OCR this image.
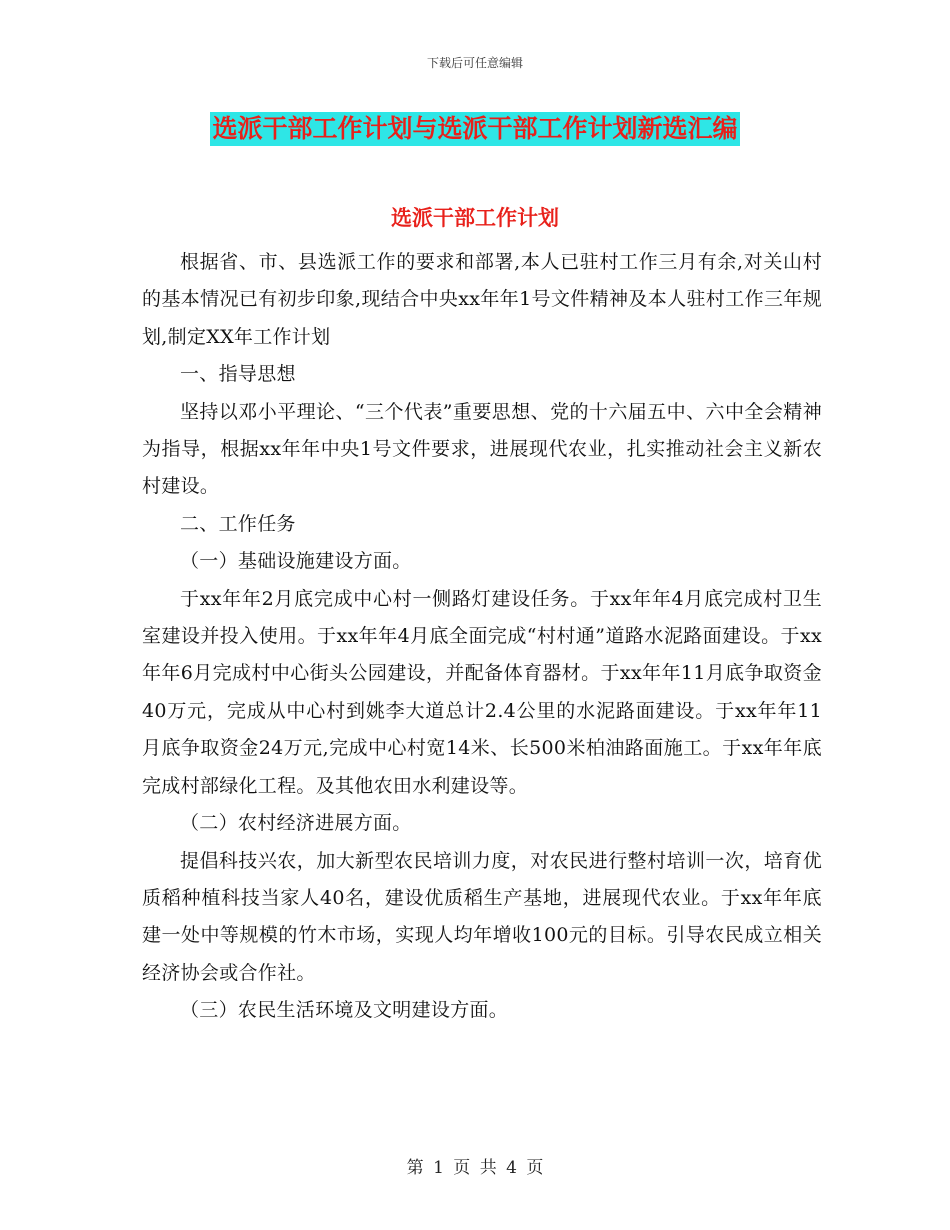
下载后可任意编辑
选派干部工作计划与选派干部工作计划新选汇编
选派干部工作计划

根据省、市、县选派工作的要求和部署,本人已驻村工作三月有余,对关山村的基本情况已有初步印象,现结合中央xx年年1号文件精神及本人驻村工作三年规划,制定XX年工作计划

一、指导思想

坚持以邓小平理论、“三个代表”重要思想、党的十六届五中、六中全会精神为指导，根据xx年年中央1号文件要求，进展现代农业，扎实推动社会主义新农村建设。

二、工作任务

（一）基础设施建设方面。

于xx年年2月底完成中心村一侧路灯建设任务。于xx年年4月底完成村卫生室建设并投入使用。于xx年年4月底全面完成“村村通”道路水泥路面建设。于xx年年6月完成村中心街头公园建设，并配备体育器材。于xx年年11月底争取资金40万元，完成从中心村到姚李大道总计2.4公里的水泥路面建设。于xx年年11月底争取资金24万元,完成中心村宽14米、长500米柏油路面施工。于xx年年底完成村部绿化工程。及其他农田水利建设等。

（二）农村经济进展方面。

提倡科技兴农，加大新型农民培训力度，对农民进行整村培训一次，培育优质稻种植科技当家人40名，建设优质稻生产基地，进展现代农业。于xx年年底建一处中等规模的竹木市场，实现人均年增收100元的目标。引导农民成立相关经济协会或合作社。

（三）农民生活环境及文明建设方面。

第 1 页 共 4 页
